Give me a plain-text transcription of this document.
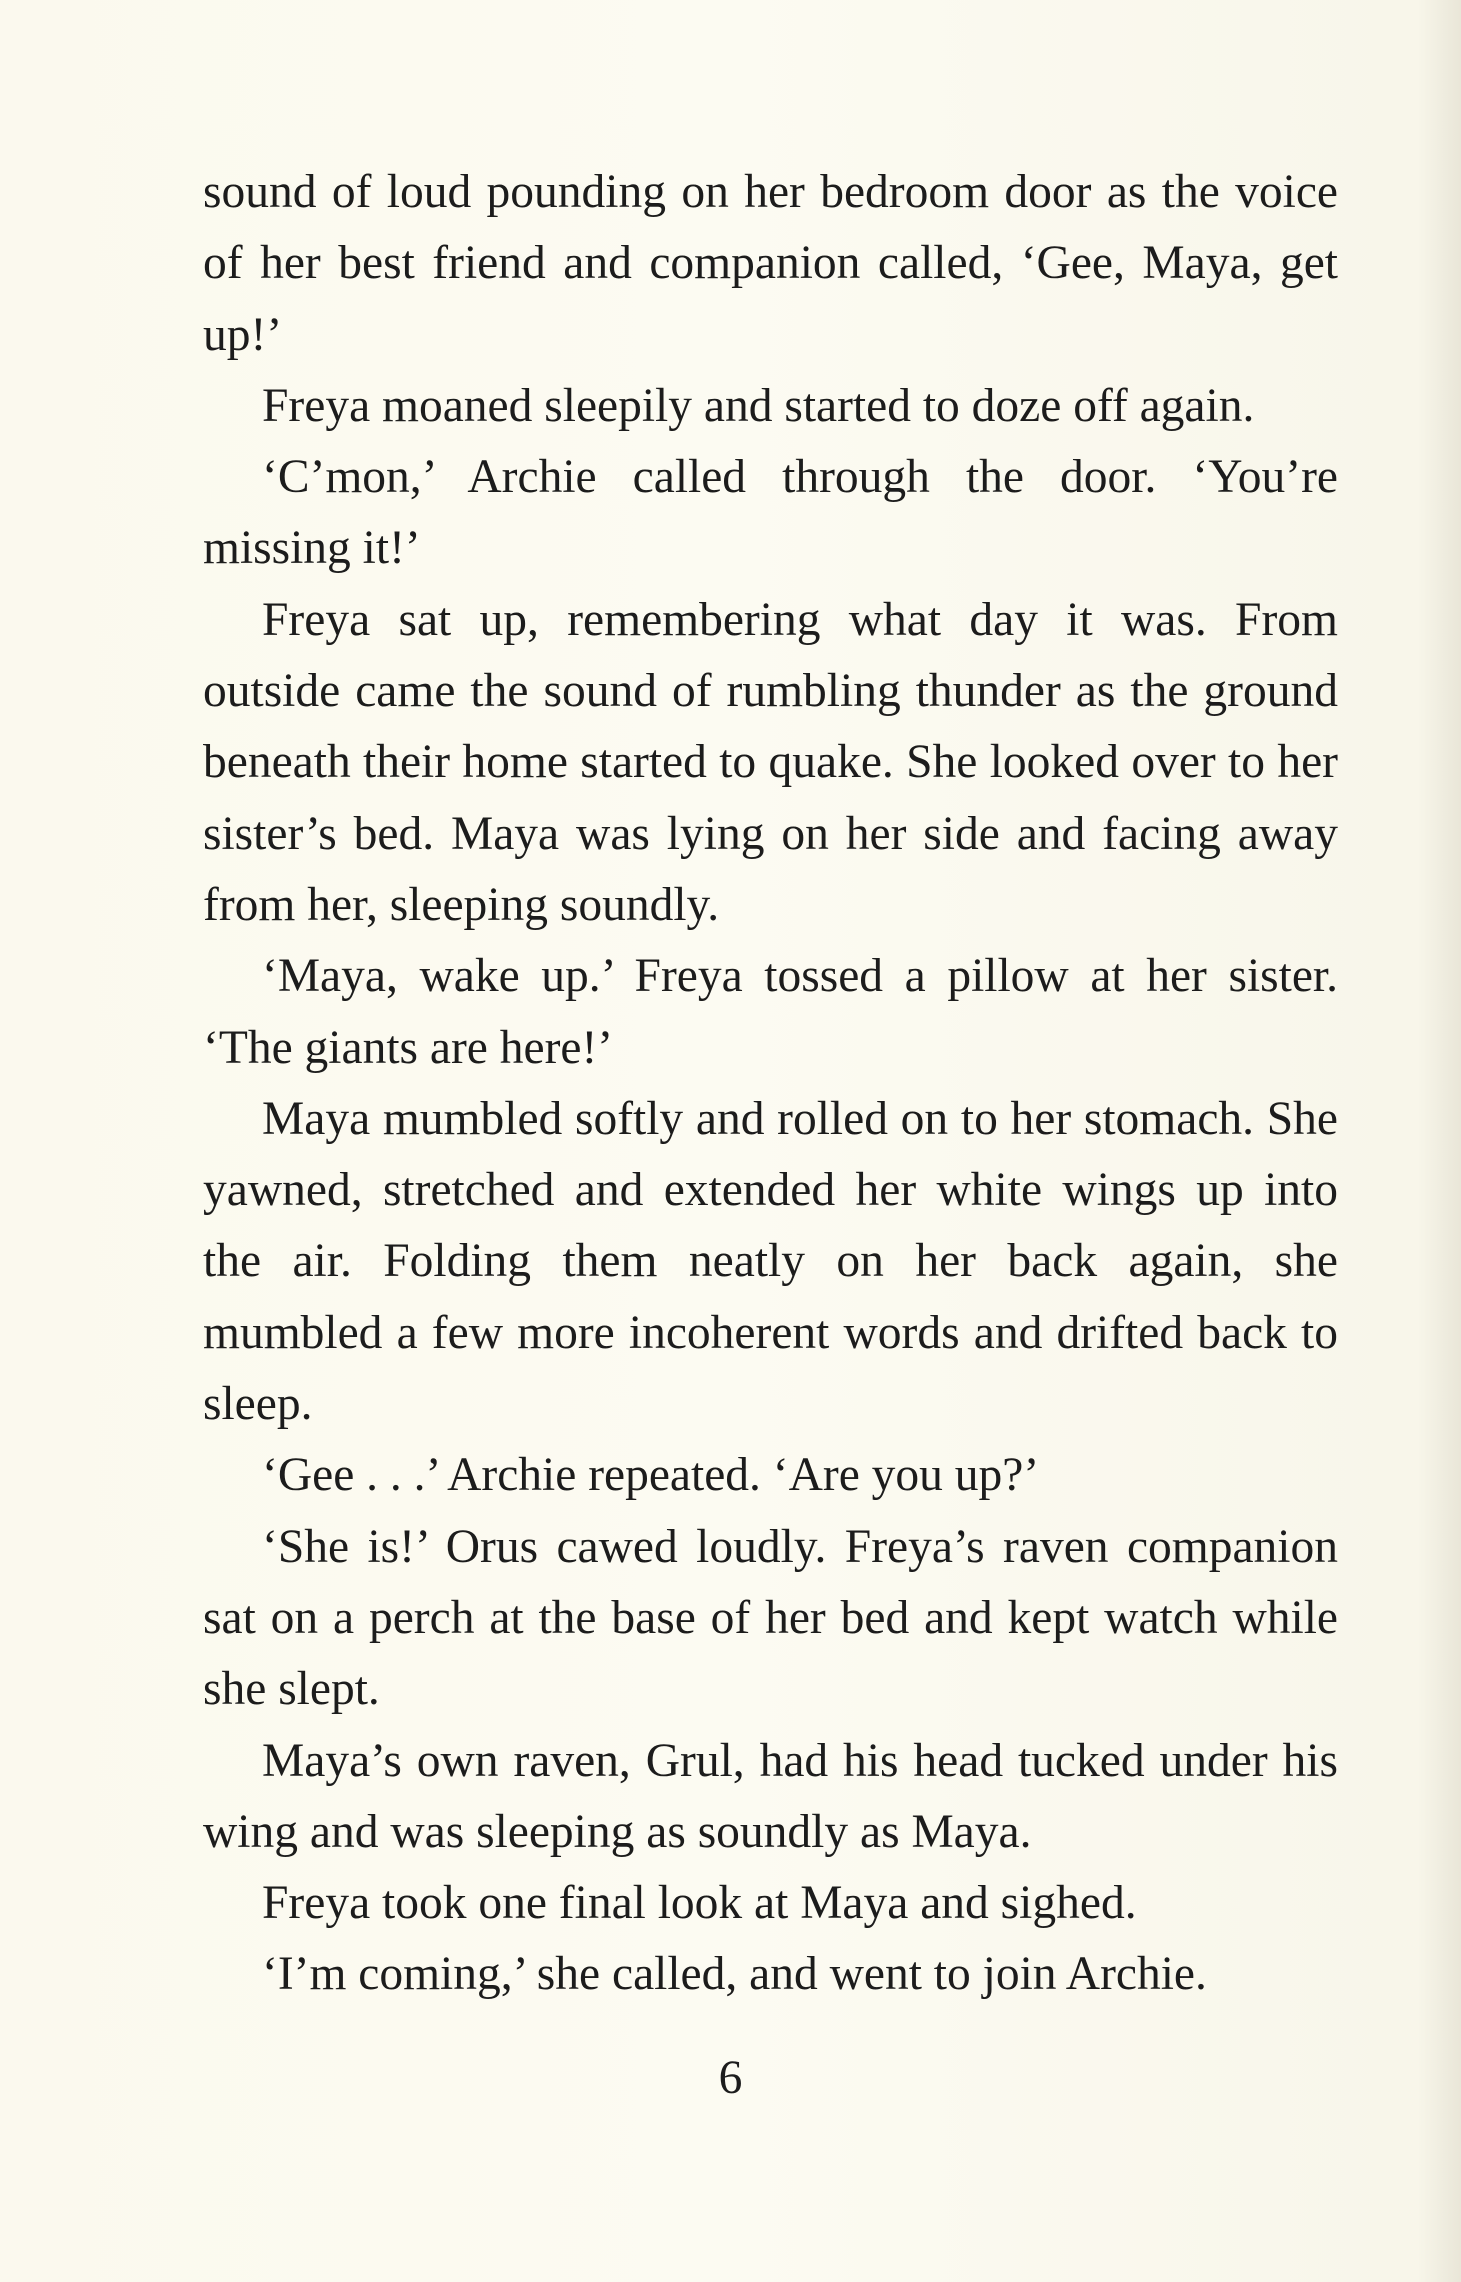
sound of loud pounding on her bedroom door as the voice of her best friend and companion called, ‘Gee, Maya, get up!’

Freya moaned sleepily and started to doze off again.

‘C’mon,’ Archie called through the door. ‘You’re missing it!’

Freya sat up, remembering what day it was. From outside came the sound of rumbling thunder as the ground beneath their home started to quake. She looked over to her sister’s bed. Maya was lying on her side and facing away from her, sleeping soundly.

‘Maya, wake up.’ Freya tossed a pillow at her sister. ‘The giants are here!’

Maya mumbled softly and rolled on to her stomach. She yawned, stretched and extended her white wings up into the air. Folding them neatly on her back again, she mumbled a few more incoherent words and drifted back to sleep.

‘Gee . . .’ Archie repeated. ‘Are you up?’

‘She is!’ Orus cawed loudly. Freya’s raven companion sat on a perch at the base of her bed and kept watch while she slept.

Maya’s own raven, Grul, had his head tucked under his wing and was sleeping as soundly as Maya.

Freya took one final look at Maya and sighed.

‘I’m coming,’ she called, and went to join Archie.

6
